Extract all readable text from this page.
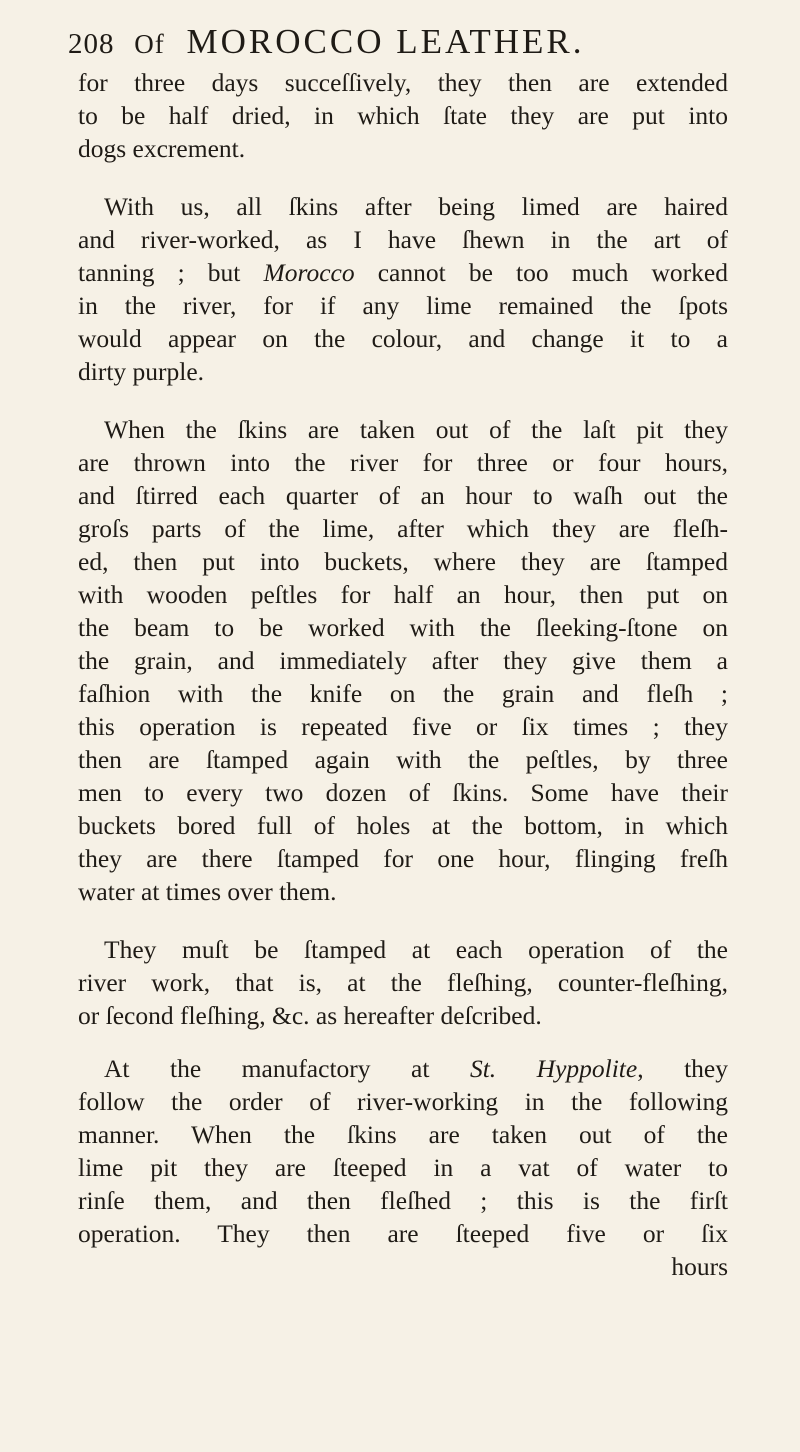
208 Of MOROCCO LEATHER.
for three days succeſſively, they then are extended
to be half dried, in which ſtate they are put into
dogs excrement.
With us, all ſkins after being limed are haired
and river-worked, as I have ſhewn in the art of
tanning ; but Morocco cannot be too much worked
in the river, for if any lime remained the ſpots
would appear on the colour, and change it to a
dirty purple.
When the ſkins are taken out of the laſt pit they
are thrown into the river for three or four hours,
and ſtirred each quarter of an hour to waſh out the
groſs parts of the lime, after which they are fleſh-
ed, then put into buckets, where they are ſtamped
with wooden peſtles for half an hour, then put on
the beam to be worked with the ſleeking-ſtone on
the grain, and immediately after they give them a
faſhion with the knife on the grain and fleſh ;
this operation is repeated five or ſix times ; they
then are ſtamped again with the peſtles, by three
men to every two dozen of ſkins. Some have their
buckets bored full of holes at the bottom, in which
they are there ſtamped for one hour, flinging freſh
water at times over them.
They muſt be ſtamped at each operation of the
river work, that is, at the fleſhing, counter-fleſhing,
or ſecond fleſhing, &c. as hereafter deſcribed.
At the manufactory at St. Hyppolite, they
follow the order of river-working in the following
manner. When the ſkins are taken out of the
lime pit they are ſteeped in a vat of water to
rinſe them, and then fleſhed ; this is the firſt
operation. They then are ſteeped five or ſix
hours
